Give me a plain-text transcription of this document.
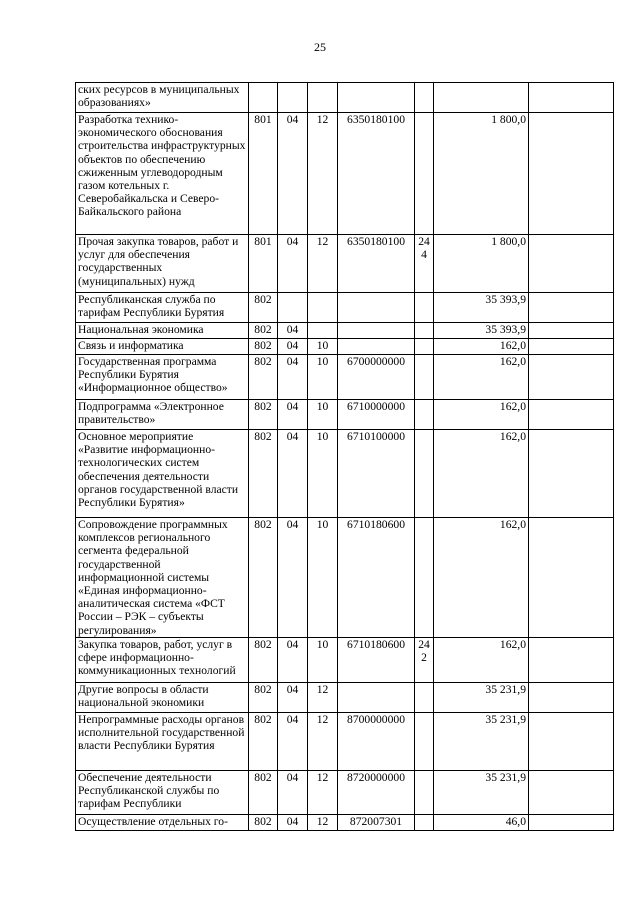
25
ских ресурсов в муниципальных образованиях»							
Разработка технико-экономического обоснования строительства инфраструктурных объектов по обеспечению сжиженным углеводородным газом котельных г. Северобайкальска и Северо-Байкальского района	801	04	12	6350180100		1 800,0	
Прочая закупка товаров, работ и услуг для обеспечения государственных (муниципальных) нужд	801	04	12	6350180100	244	1 800,0	
Республиканская служба по тарифам Республики Бурятия	802					35 393,9	
Национальная экономика	802	04				35 393,9	
Связь и информатика	802	04	10			162,0	
Государственная программа Республики Бурятия «Информационное общество»	802	04	10	6700000000		162,0	
Подпрограмма «Электронное правительство»	802	04	10	6710000000		162,0	
Основное мероприятие «Развитие информационно-технологических систем обеспечения деятельности органов государственной власти Республики Бурятия»	802	04	10	6710100000		162,0	
Сопровождение программных комплексов регионального сегмента федеральной государственной информационной системы «Единая информационно-аналитическая система «ФСТ России – РЭК – субъекты регулирования»	802	04	10	6710180600		162,0	
Закупка товаров, работ, услуг в сфере информационно-коммуникационных технологий	802	04	10	6710180600	242	162,0	
Другие вопросы в области национальной экономики	802	04	12			35 231,9	
Непрограммные расходы органов исполнительной государственной власти Республики Бурятия	802	04	12	8700000000		35 231,9	
Обеспечение деятельности Республиканской службы по тарифам Республики	802	04	12	8720000000		35 231,9	
Осуществление отдельных го-	802	04	12	872007301		46,0	
